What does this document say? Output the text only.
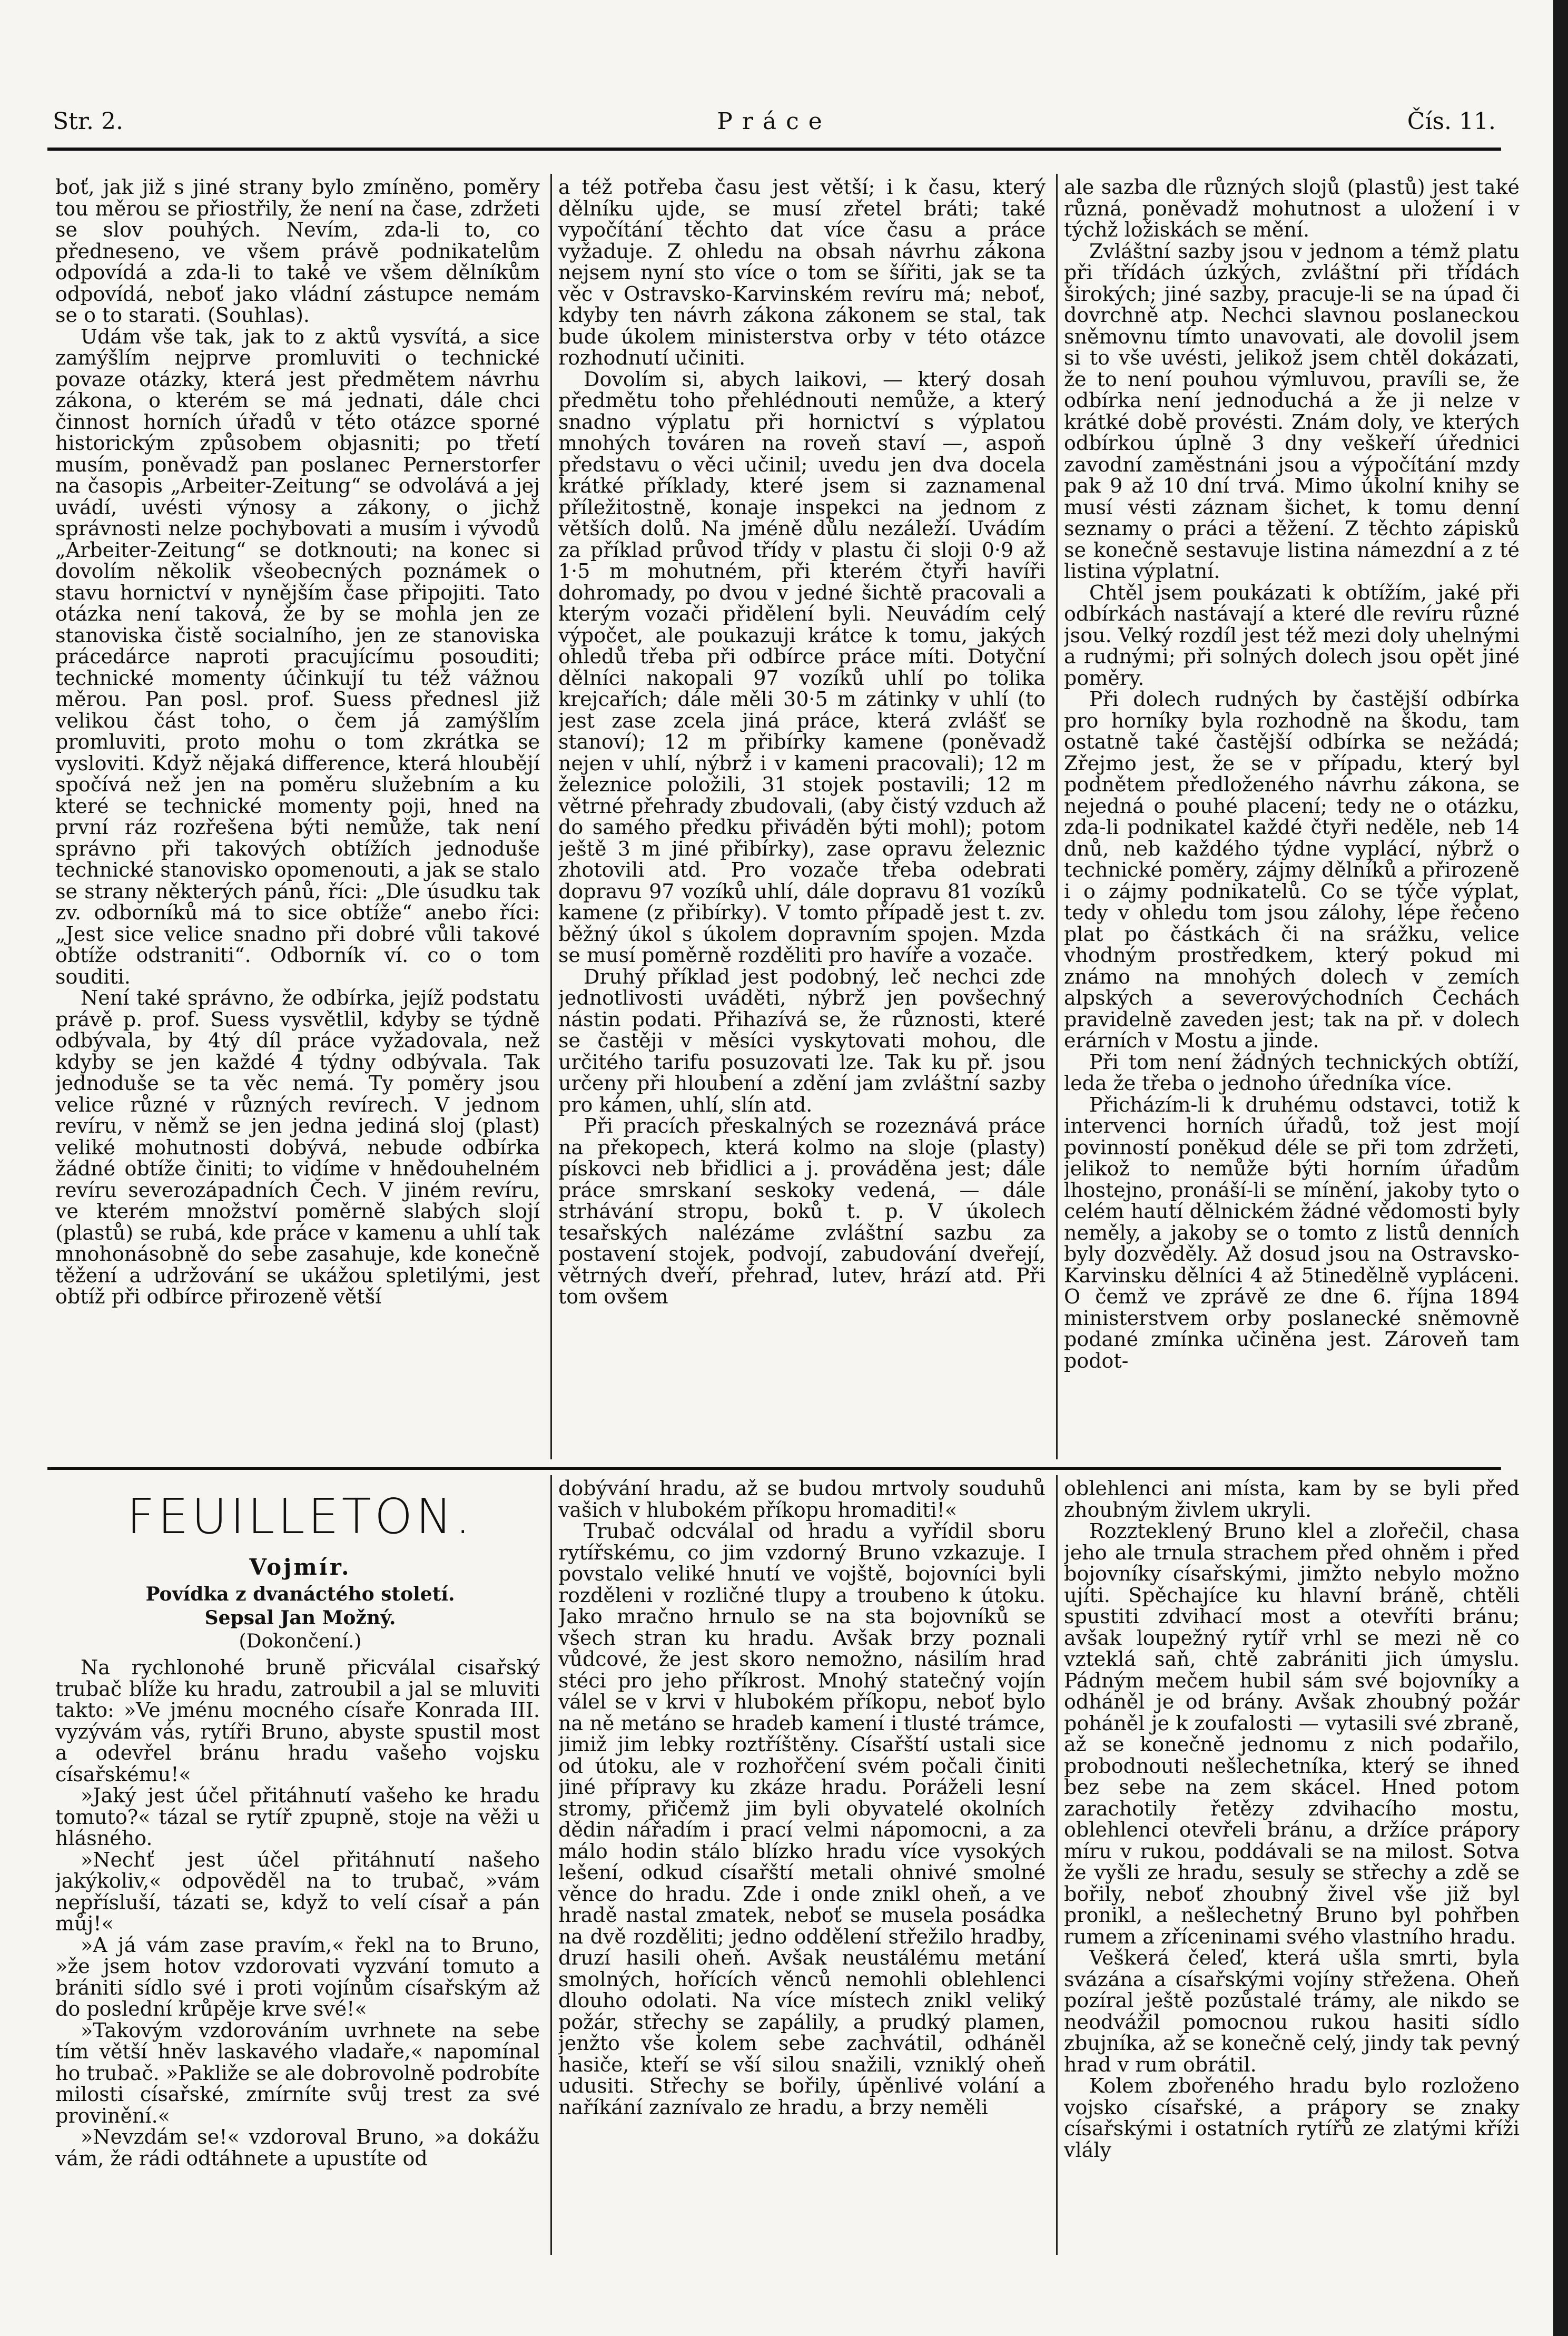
Str. 2.	Práce	Čís. 11.

boť, jak již s jiné strany bylo zmíněno, poměry tou měrou se přiostřily, že není na čase, zdržeti se slov pouhých. Nevím, zda-li to, co předneseno, ve všem právě podnikatelům odpovídá a zda-li to také ve všem dělníkům odpovídá, neboť jako vládní zástupce nemám se o to starati. (Souhlas).

Udám vše tak, jak to z aktů vysvítá, a sice zamýšlím nejprve promluviti o technické povaze otázky, která jest předmětem návrhu zákona, o kterém se má jednati, dále chci činnost horních úřadů v této otázce sporné historickým způsobem objasniti; po třetí musím, poněvadž pan poslanec Pernerstorfer na časopis „Arbeiter-Zeitung“ se odvolává a jej uvádí, uvésti výnosy a zákony, o jichž správnosti nelze pochybovati a musím i vývodů „Arbeiter-Zeitung“ se dotknouti; na konec si dovolím několik všeobecných poznámek o stavu hornictví v nynějším čase připojiti. Tato otázka není taková, že by se mohla jen ze stanoviska čistě socialního, jen ze stanoviska prácedárce naproti pracujícímu posouditi; technické momenty účinkují tu též vážnou měrou. Pan posl. prof. Suess přednesl již velikou část toho, o čem já zamýšlím promluviti, proto mohu o tom zkrátka se vysloviti. Když nějaká difference, která hloubějí spočívá než jen na poměru služebním a ku které se technické momenty poji, hned na první ráz rozřešena býti nemůže, tak není správno při takových obtížích jednoduše technické stanovisko opomenouti, a jak se stalo se strany některých pánů, říci: „Dle úsudku tak zv. odborníků má to sice obtíže“ anebo říci: „Jest sice velice snadno při dobré vůli takové obtíže odstraniti“. Odborník ví. co o tom souditi.

Není také správno, že odbírka, jejíž podstatu právě p. prof. Suess vysvětlil, kdyby se týdně odbývala, by 4tý díl práce vyžadovala, než kdyby se jen každé 4 týdny odbývala. Tak jednoduše se ta věc nemá. Ty poměry jsou velice různé v různých revírech. V jednom revíru, v němž se jen jedna jediná sloj (plast) veliké mohutnosti dobývá, nebude odbírka žádné obtíže činiti; to vidíme v hnědouhelném revíru severozápadních Čech. V jiném revíru, ve kterém množství poměrně slabých slojí (plastů) se rubá, kde práce v kamenu a uhlí tak mnohonásobně do sebe zasahuje, kde konečně těžení a udržování se ukážou spletilými, jest obtíž při odbírce přirozeně větší

a též potřeba času jest větší; i k času, který dělníku ujde, se musí zřetel bráti; také vypočítání těchto dat více času a práce vyžaduje. Z ohledu na obsah návrhu zákona nejsem nyní sto více o tom se šířiti, jak se ta věc v Ostravsko-Karvinském revíru má; neboť, kdyby ten návrh zákona zákonem se stal, tak bude úkolem ministerstva orby v této otázce rozhodnutí učiniti.

Dovolím si, abych laikovi, — který dosah předmětu toho přehlédnouti nemůže, a který snadno výplatu při hornictví s výplatou mnohých továren na roveň staví —, aspoň představu o věci učinil; uvedu jen dva docela krátké příklady, které jsem si zaznamenal příležitostně, konaje inspekci na jednom z větších dolů. Na jméně důlu nezáleží. Uvádím za příklad průvod třídy v plastu či sloji 0·9 až 1·5 m mohutném, při kterém čtyři havíři dohromady, po dvou v jedné šichtě pracovali a kterým vozači přidělení byli. Neuvádím celý výpočet, ale poukazuji krátce k tomu, jakých ohledů třeba při odbírce práce míti. Dotyční dělníci nakopali 97 vozíků uhlí po tolika krejcařích; dále měli 30·5 m zátinky v uhlí (to jest zase zcela jiná práce, která zvlášť se stanoví); 12 m přibírky kamene (poněvadž nejen v uhlí, nýbrž i v kameni pracovali); 12 m železnice položili, 31 stojek postavili; 12 m větrné přehrady zbudovali, (aby čistý vzduch až do samého předku přiváděn býti mohl); potom ještě 3 m jiné přibírky), zase opravu železnic zhotovili atd. Pro vozače třeba odebrati dopravu 97 vozíků uhlí, dále dopravu 81 vozíků kamene (z přibírky). V tomto případě jest t. zv. běžný úkol s úkolem dopravním spojen. Mzda se musí poměrně rozděliti pro havíře a vozače.

Druhý příklad jest podobný, leč nechci zde jednotlivosti uváděti, nýbrž jen povšechný nástin podati. Přihazívá se, že různosti, které se častěji v měsíci vyskytovati mohou, dle určitého tarifu posuzovati lze. Tak ku př. jsou určeny při hloubení a zdění jam zvláštní sazby pro kámen, uhlí, slín atd.

Při pracích přeskalných se rozeznává práce na překopech, která kolmo na sloje (plasty) pískovci neb břidlici a j. prováděna jest; dále práce smrskaní seskoky vedená, — dále strhávání stropu, boků t. p. V úkolech tesařských nalézáme zvláštní sazbu za postavení stojek, podvojí, zabudování dveřejí, větrných dveří, přehrad, lutev, hrází atd. Při tom ovšem

ale sazba dle různých slojů (plastů) jest také různá, poněvadž mohutnost a uložení i v týchž ložiskách se mění.

Zvláštní sazby jsou v jednom a témž platu při třídách úzkých, zvláštní při třídách širokých; jiné sazby, pracuje-li se na úpad či dovrchně atp. Nechci slavnou poslaneckou sněmovnu tímto unavovati, ale dovolil jsem si to vše uvésti, jelikož jsem chtěl dokázati, že to není pouhou výmluvou, pravíli se, že odbírka není jednoduchá a že ji nelze v krátké době provésti. Znám doly, ve kterých odbírkou úplně 3 dny veškeří úřednici zavodní zaměstnáni jsou a výpočítání mzdy pak 9 až 10 dní trvá. Mimo úkolní knihy se musí vésti záznam šichet, k tomu denní seznamy o práci a těžení. Z těchto zápisků se konečně sestavuje listina námezdní a z té listina výplatní.

Chtěl jsem poukázati k obtížím, jaké při odbírkách nastávají a které dle revíru různé jsou. Velký rozdíl jest též mezi doly uhelnými a rudnými; při solných dolech jsou opět jiné poměry.

Při dolech rudných by častější odbírka pro horníky byla rozhodně na škodu, tam ostatně také častější odbírka se nežádá; Zřejmo jest, že se v případu, který byl podnětem předloženého návrhu zákona, se nejedná o pouhé placení; tedy ne o otázku, zda-li podnikatel každé čtyři neděle, neb 14 dnů, neb každého týdne vyplácí, nýbrž o technické poměry, zájmy dělníků a přirozeně i o zájmy podnikatelů. Co se týče výplat, tedy v ohledu tom jsou zálohy, lépe řečeno plat po částkách či na srážku, velice vhodným prostředkem, který pokud mi známo na mnohých dolech v zemích alpských a severovýchodních Čechách pravidelně zaveden jest; tak na př. v dolech erárních v Mostu a jinde.

Při tom není žádných technických obtíží, leda že třeba o jednoho úředníka více.

Přicházím-li k druhému odstavci, totiž k intervenci horních úřadů, tož jest mojí povinností poněkud déle se při tom zdržeti, jelikož to nemůže býti horním úřadům lhostejno, pronáší-li se mínění, jakoby tyto o celém hautí dělnickém žádné vědomosti byly neměly, a jakoby se o tomto z listů denních byly dozvěděly. Až dosud jsou na Ostravsko-Karvinsku dělníci 4 až 5tinedělně vypláceni. O čemž ve zprávě ze dne 6. října 1894 ministerstvem orby poslanecké sněmovně podané zmínka učiněna jest. Zároveň tam podot-

FEUILLETON.
Vojmír.
Povídka z dvanáctého století.
Sepsal Jan Možný.
(Dokončení.)

Na rychlonohé bruně přicválal cisařský trubač blíže ku hradu, zatroubil a jal se mluviti takto: »Ve jménu mocného císaře Konrada III. vyzývám vás, rytíři Bruno, abyste spustil most a odevřel bránu hradu vašeho vojsku císařskému!«

»Jaký jest účel přitáhnutí vašeho ke hradu tomuto?« tázal se rytíř zpupně, stoje na věži u hlásného.

»Nechť jest účel přitáhnutí našeho jakýkoliv,« odpověděl na to trubač, »vám nepřísluší, tázati se, když to velí císař a pán můj!«

»A já vám zase pravím,« řekl na to Bruno, »že jsem hotov vzdorovati vyzvání tomuto a brániti sídlo své i proti vojínům císařským až do poslední krůpěje krve své!«

»Takovým vzdorováním uvrhnete na sebe tím větší hněv laskavého vladaře,« napomínal ho trubač. »Pakliže se ale dobrovolně podrobíte milosti císařské, zmírníte svůj trest za své provinění.«

»Nevzdám se!« vzdoroval Bruno, »a dokážu vám, že rádi odtáhnete a upustíte od

dobývání hradu, až se budou mrtvoly souduhů vašich v hlubokém příkopu hromaditi!«

Trubač odcválal od hradu a vyřídil sboru rytířskému, co jim vzdorný Bruno vzkazuje. I povstalo veliké hnutí ve vojště, bojovníci byli rozděleni v rozličné tlupy a troubeno k útoku. Jako mračno hrnulo se na sta bojovníků se všech stran ku hradu. Avšak brzy poznali vůdcové, že jest skoro nemožno, násilím hrad stéci pro jeho příkrost. Mnohý statečný vojín válel se v krvi v hlubokém příkopu, neboť bylo na ně metáno se hradeb kamení i tlusté trámce, jimiž jim lebky roztříštěny. Císařští ustali sice od útoku, ale v rozhořčení svém počali činiti jiné přípravy ku zkáze hradu. Poráželi lesní stromy, přičemž jim byli obyvatelé okolních dědin nářadím i prací velmi nápomocni, a za málo hodin stálo blízko hradu více vysokých lešení, odkud císařští metali ohnivé smolné věnce do hradu. Zde i onde znikl oheň, a ve hradě nastal zmatek, neboť se musela posádka na dvě rozděliti; jedno oddělení střežilo hradby, druzí hasili oheň. Avšak neustálému metání smolných, hořících věnců nemohli oblehlenci dlouho odolati. Na více místech znikl veliký požár, střechy se zapálily, a prudký plamen, jenžto vše kolem sebe zachvátil, odháněl hasiče, kteří se vší silou snažili, vzniklý oheň udusiti. Střechy se bořily, úpěnlivé volání a naříkání zaznívalo ze hradu, a brzy neměli

oblehlenci ani místa, kam by se byli před zhoubným živlem ukryli.

Rozzteklený Bruno klel a zlořečil, chasa jeho ale trnula strachem před ohněm i před bojovníky císařskými, jimžto nebylo možno ujíti. Spěchajíce ku hlavní bráně, chtěli spustiti zdvihací most a otevříti bránu; avšak loupežný rytíř vrhl se mezi ně co vzteklá saň, chtě zabrániti jich úmyslu. Pádným mečem hubil sám své bojovníky a odháněl je od brány. Avšak zhoubný požár poháněl je k zoufalosti — vytasili své zbraně, až se konečně jednomu z nich podařilo, probodnouti nešlechetníka, který se ihned bez sebe na zem skácel. Hned potom zarachotily řetězy zdvihacího mostu, oblehlenci otevřeli bránu, a držíce prápory míru v rukou, poddávali se na milost. Sotva že vyšli ze hradu, sesuly se střechy a zdě se bořily, neboť zhoubný živel vše již byl pronikl, a nešlechetný Bruno byl pohřben rumem a zříceninami svého vlastního hradu.

Veškerá čeleď, která ušla smrti, byla svázána a císařskými vojíny střežena. Oheň pozíral ještě pozůstalé trámy, ale nikdo se neodvážil pomocnou rukou hasiti sídlo zbujníka, až se konečně celý, jindy tak pevný hrad v rum obrátil.

Kolem zbořeného hradu bylo rozloženo vojsko císařské, a prápory se znaky císařskými i ostatních rytířů ze zlatými kříži vlály
